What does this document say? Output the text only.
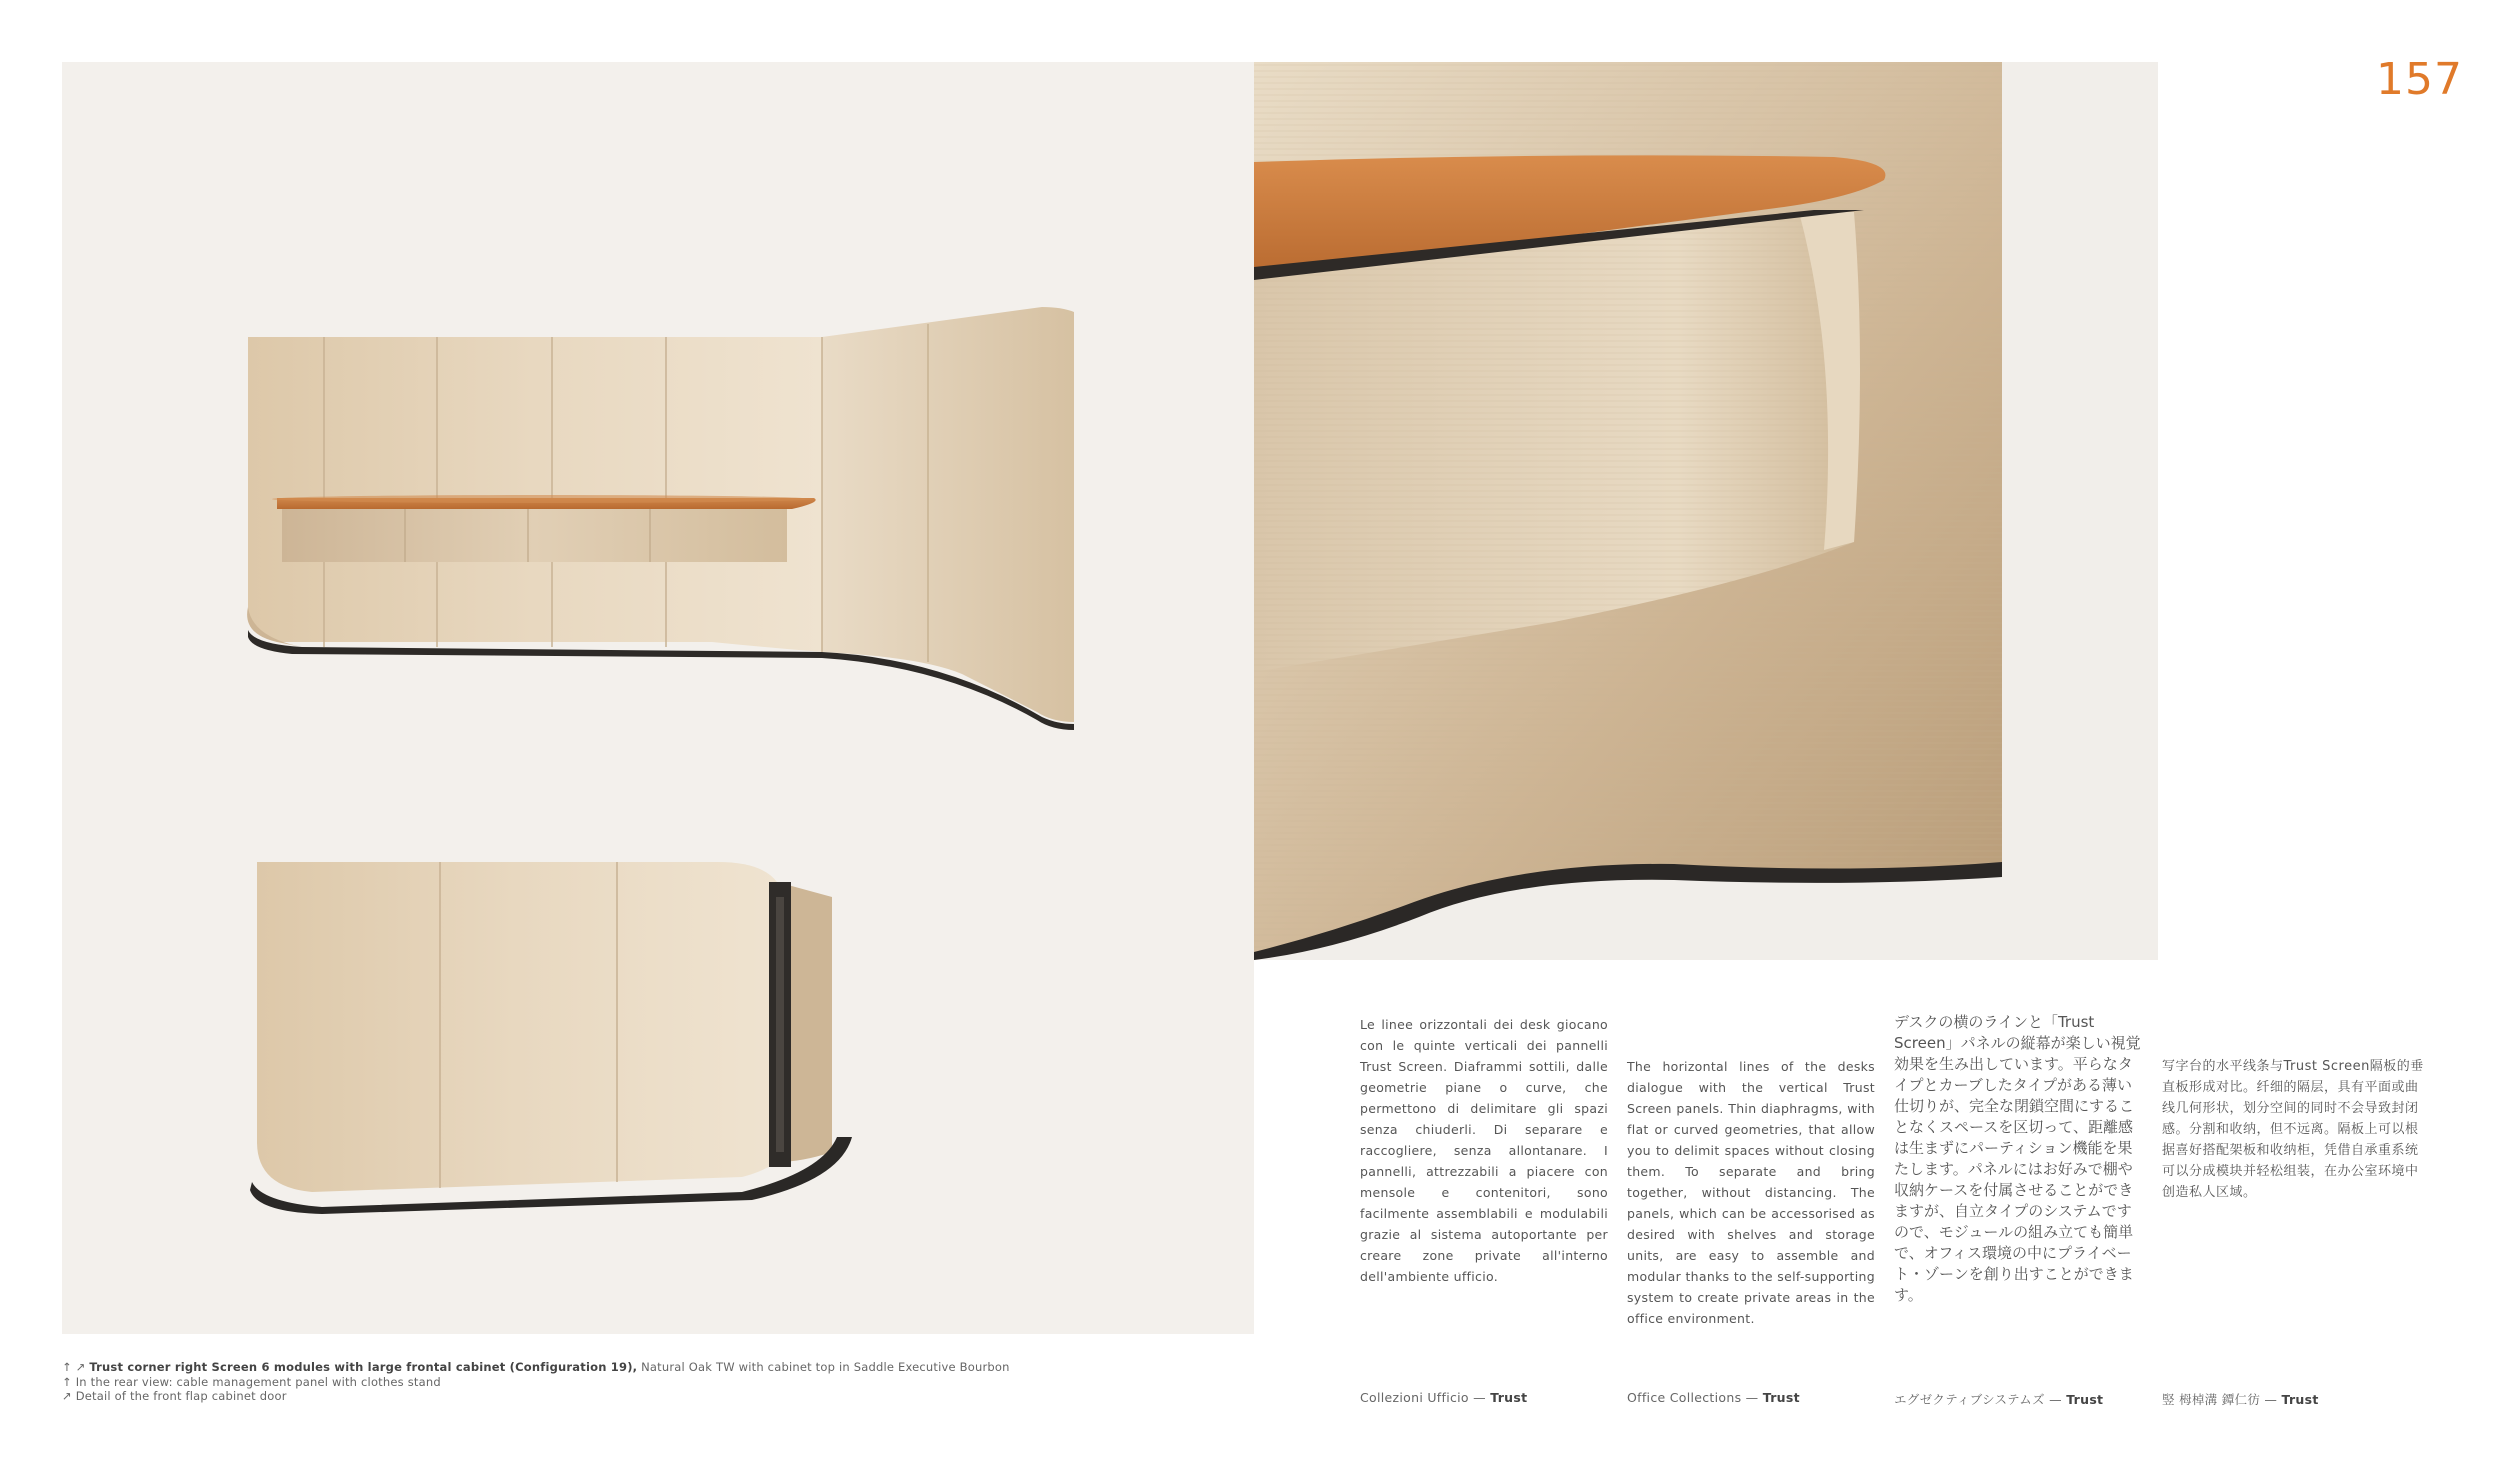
157
Le linee orizzontali dei desk giocano con le quinte verticali dei pannelli Trust Screen. Diaframmi sottili, dalle geometrie piane o curve, che permettono di delimitare gli spazi senza chiuderli. Di separare e raccogliere, senza allontanare. I pannelli, attrezzabili a piacere con mensole e contenitori, sono facilmente assemblabili e modulabili grazie al sistema autoportante per creare zone private all'interno dell'ambiente ufficio.
The horizontal lines of the desks dialogue with the vertical Trust Screen panels. Thin diaphragms, with flat or curved geometries, that allow you to delimit spaces without closing them. To separate and bring together, without distancing. The panels, which can be accessorised as desired with shelves and storage units, are easy to assemble and modular thanks to the self-supporting system to create private areas in the office environment.
デスクの横のラインと「Trust Screen」パネルの縦幕が楽しい視覚効果を生み出しています。平らなタイプとカーブしたタイプがある薄い仕切りが、完全な閉鎖空間にすることなくスペースを区切って、距離感は生まずにパーティション機能を果たします。パネルにはお好みで棚や収納ケースを付属させることができますが、自立タイプのシステムですので、モジュールの組み立ても簡単で、オフィス環境の中にプライベート・ゾーンを創り出すことができます。
写字台的水平线条与Trust Screen隔板的垂直板形成对比。纤细的隔层，具有平面或曲线几何形状，划分空间的同时不会导致封闭感。分割和收纳，但不远离。隔板上可以根据喜好搭配架板和收纳柜，凭借自承重系统可以分成模块并轻松组装，在办公室环境中创造私人区域。
Collezioni Ufficio — Trust	Office Collections — Trust	エグゼクティブシステムズ — Trust	竪 栂棹溝 鐔仁彷 — Trust
↑ ↗ Trust corner right Screen 6 modules with large frontal cabinet (Configuration 19), Natural Oak TW with cabinet top in Saddle Executive Bourbon
↑ In the rear view: cable management panel with clothes stand
↗ Detail of the front flap cabinet door
